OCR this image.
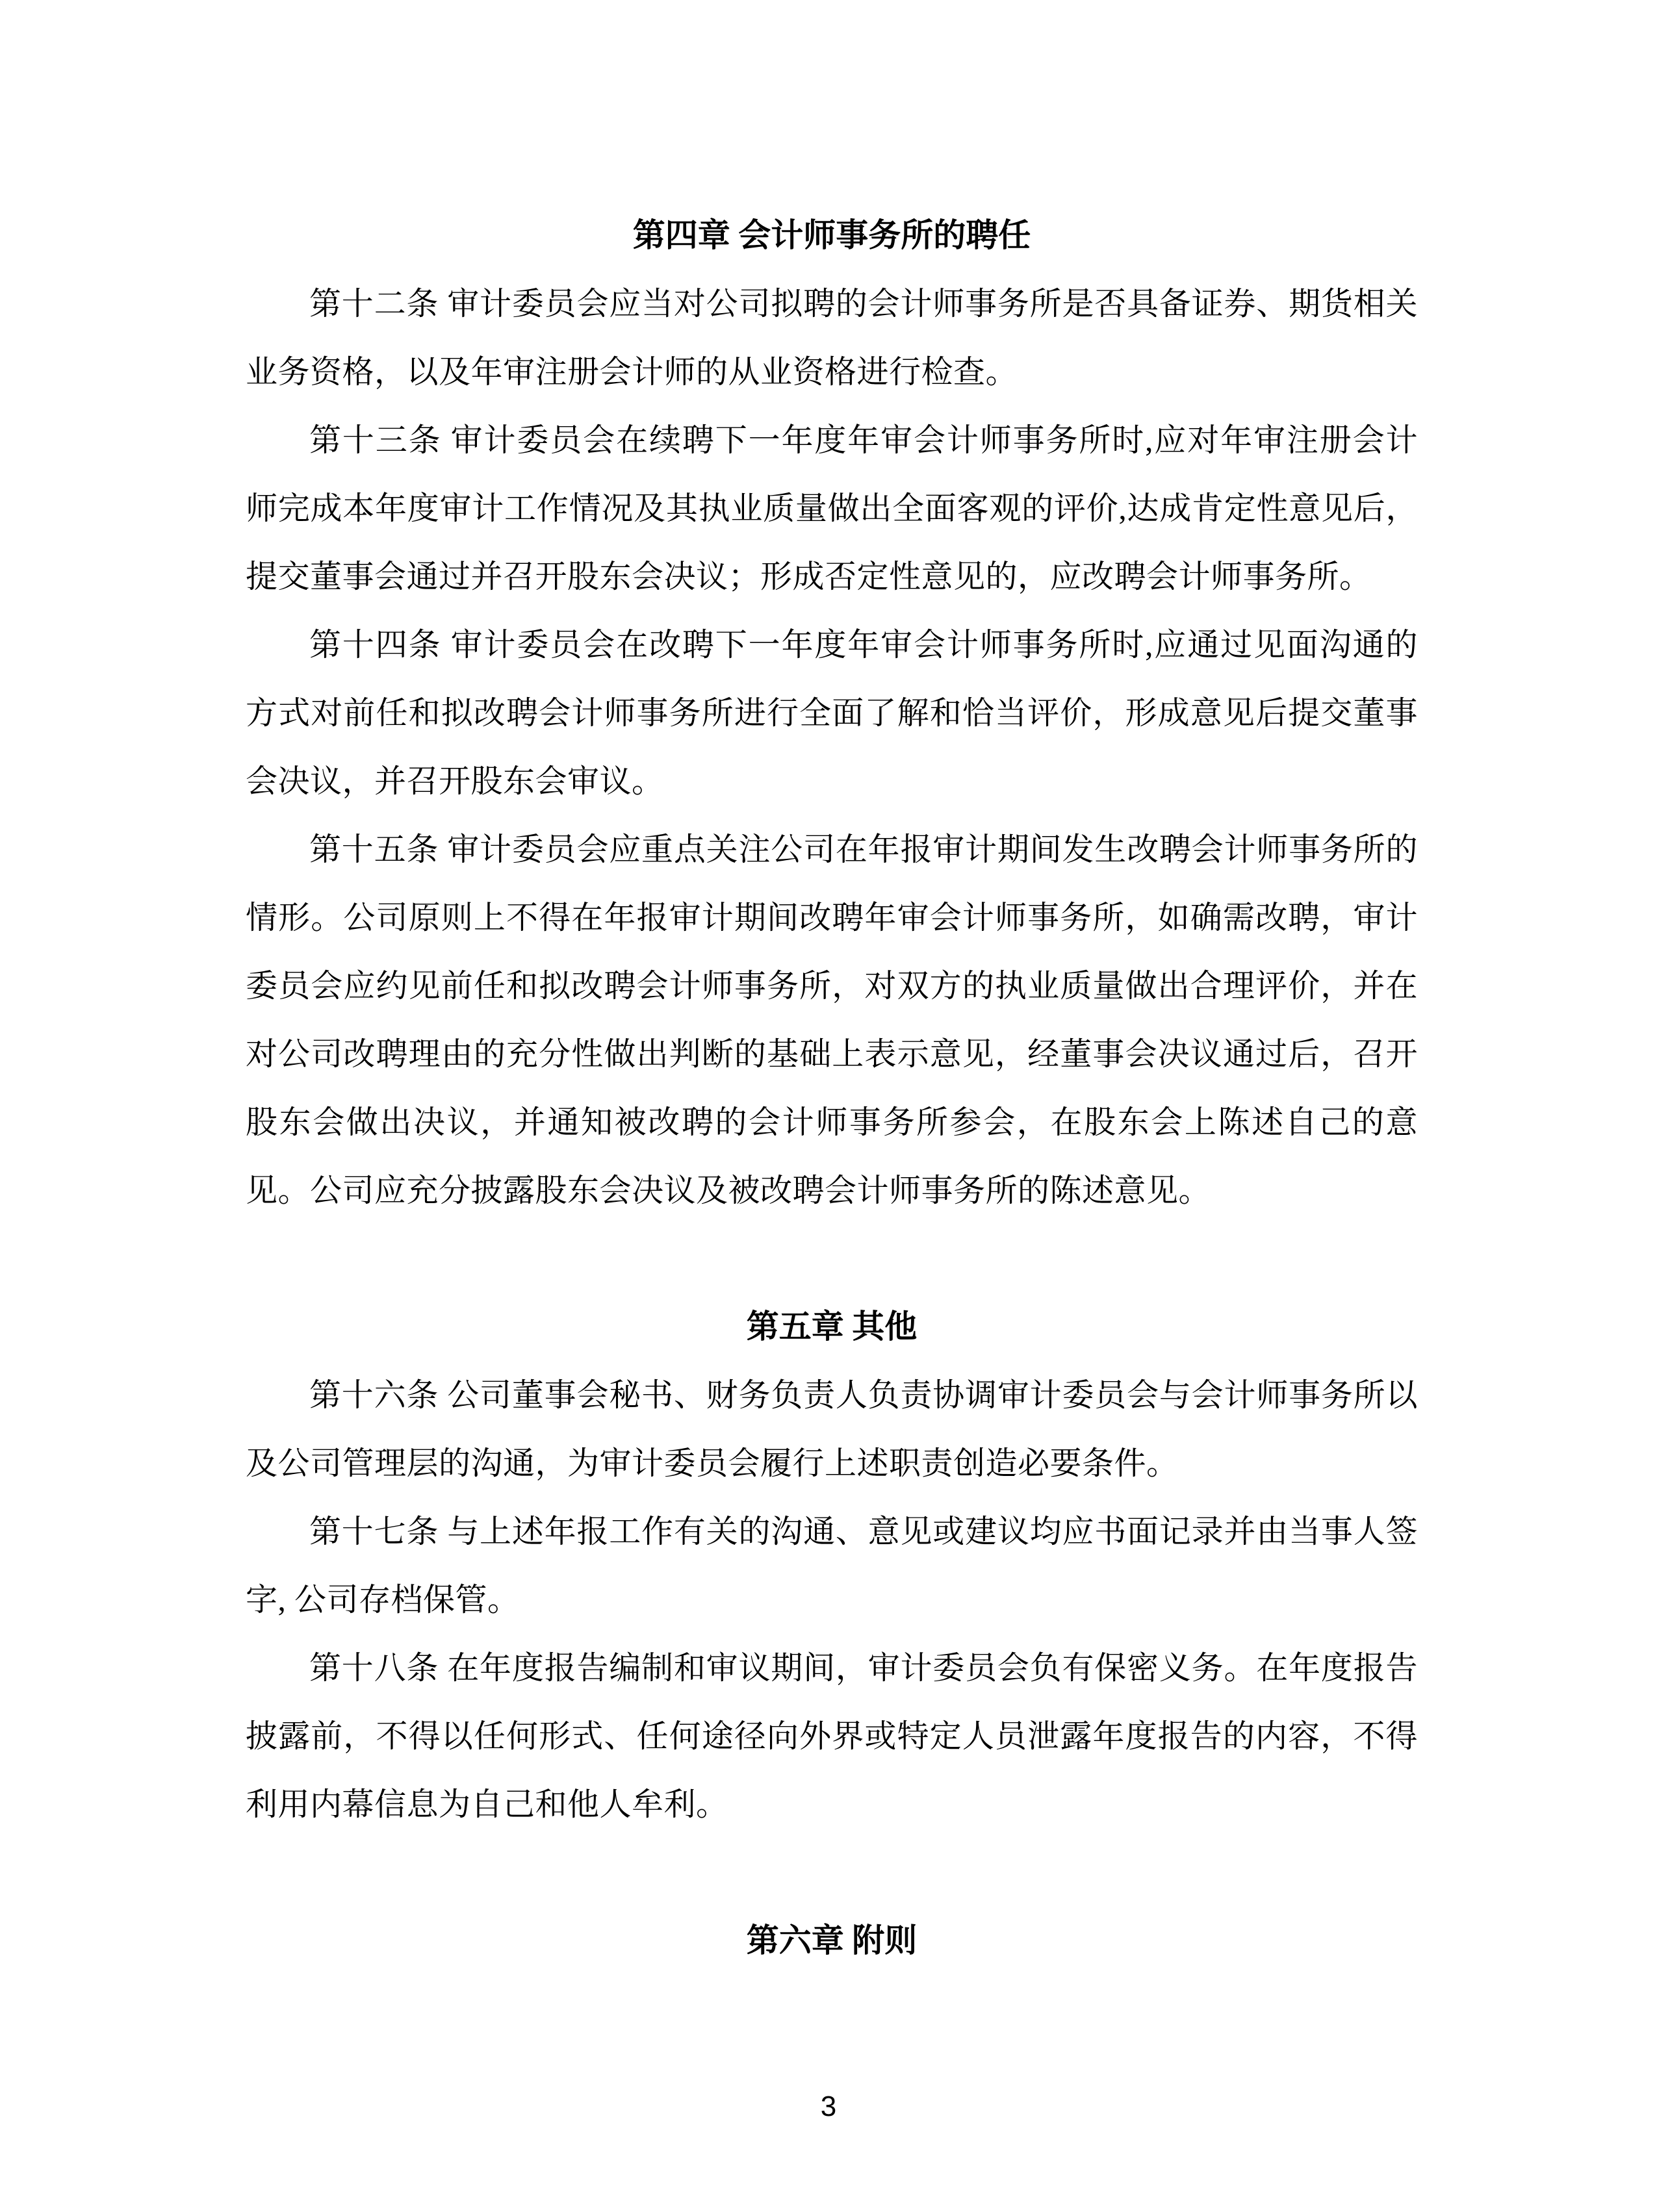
第四章 会计师事务所的聘任

第十二条 审计委员会应当对公司拟聘的会计师事务所是否具备证券、期货相关业务资格，以及年审注册会计师的从业资格进行检查。

第十三条 审计委员会在续聘下一年度年审会计师事务所时,应对年审注册会计师完成本年度审计工作情况及其执业质量做出全面客观的评价,达成肯定性意见后，提交董事会通过并召开股东会决议；形成否定性意见的，应改聘会计师事务所。

第十四条 审计委员会在改聘下一年度年审会计师事务所时,应通过见面沟通的方式对前任和拟改聘会计师事务所进行全面了解和恰当评价，形成意见后提交董事会决议，并召开股东会审议。

第十五条 审计委员会应重点关注公司在年报审计期间发生改聘会计师事务所的情形。公司原则上不得在年报审计期间改聘年审会计师事务所，如确需改聘，审计委员会应约见前任和拟改聘会计师事务所，对双方的执业质量做出合理评价，并在对公司改聘理由的充分性做出判断的基础上表示意见，经董事会决议通过后，召开股东会做出决议，并通知被改聘的会计师事务所参会，在股东会上陈述自己的意见。公司应充分披露股东会决议及被改聘会计师事务所的陈述意见。

第五章 其他

第十六条 公司董事会秘书、财务负责人负责协调审计委员会与会计师事务所以及公司管理层的沟通，为审计委员会履行上述职责创造必要条件。

第十七条 与上述年报工作有关的沟通、意见或建议均应书面记录并由当事人签字, 公司存档保管。

第十八条 在年度报告编制和审议期间，审计委员会负有保密义务。在年度报告披露前，不得以任何形式、任何途径向外界或特定人员泄露年度报告的内容，不得利用内幕信息为自己和他人牟利。

第六章 附则
3
